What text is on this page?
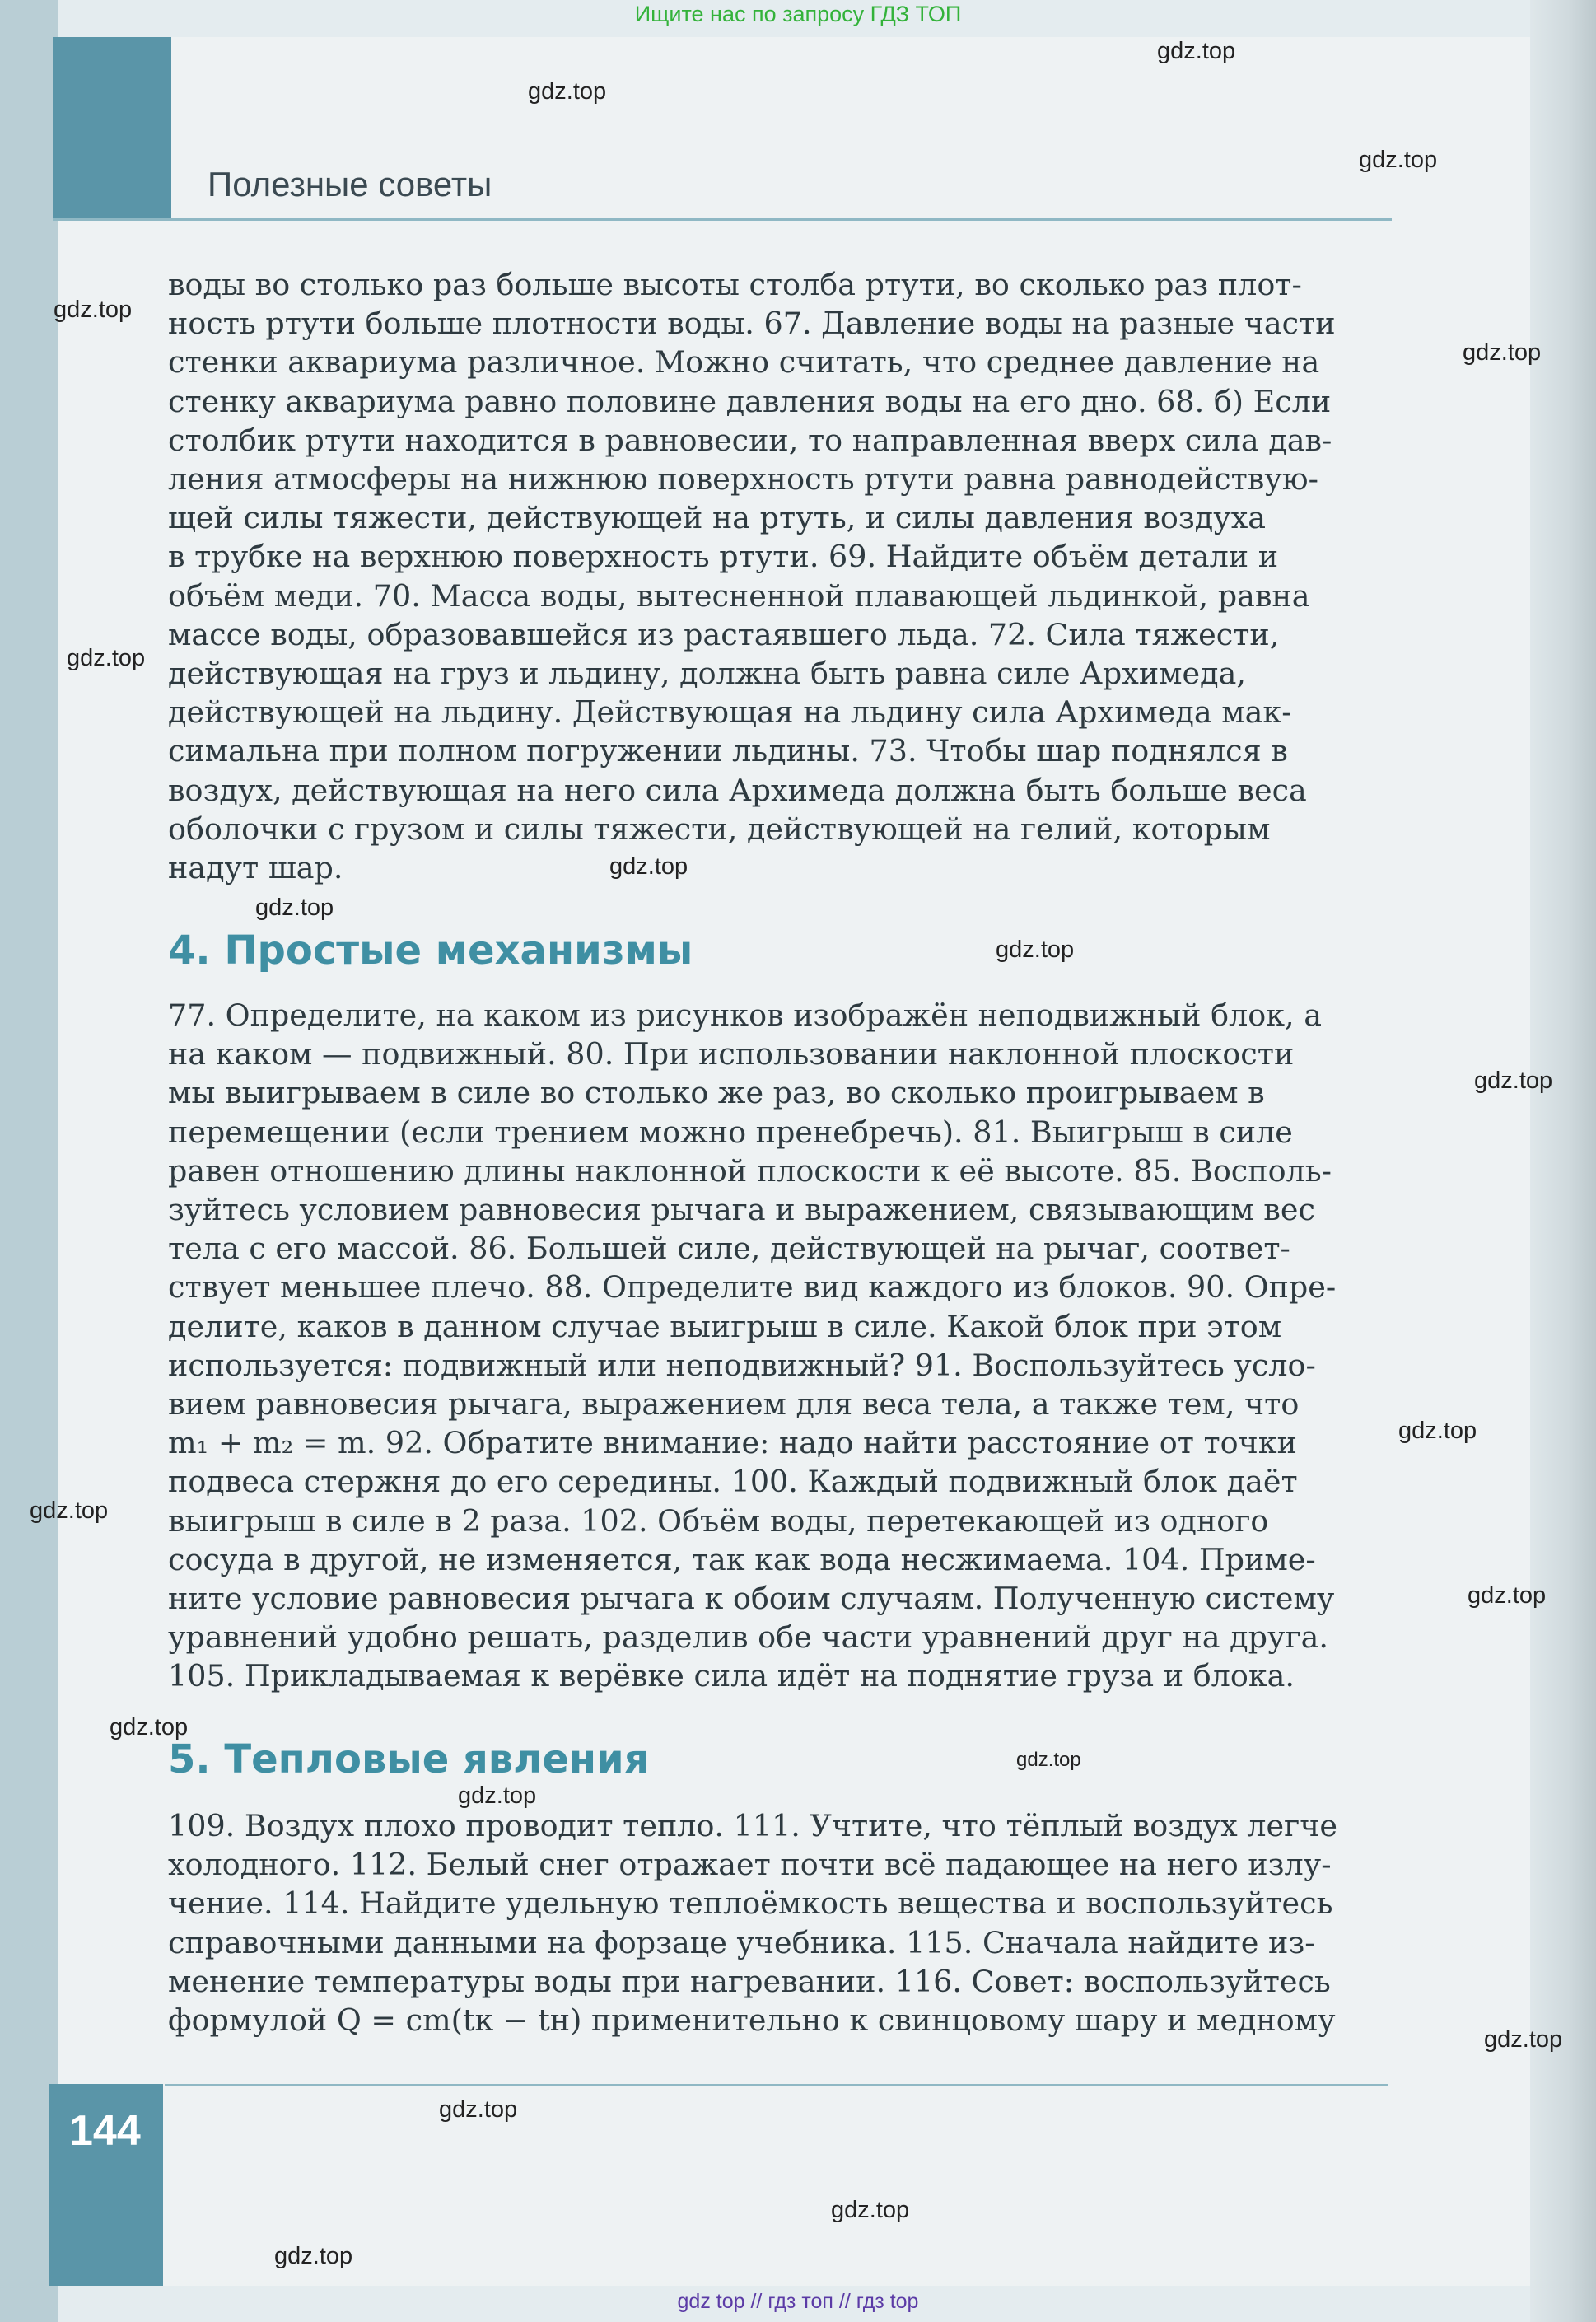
Ищите нас по запросу ГДЗ ТОП
Полезные советы
воды во столько раз больше высоты столба ртути, во сколько раз плот-
ность ртути больше плотности воды. 67. Давление воды на разные части
стенки аквариума различное. Можно считать, что среднее давление на
стенку аквариума равно половине давления воды на его дно. 68. б) Если
столбик ртути находится в равновесии, то направленная вверх сила дав-
ления атмосферы на нижнюю поверхность ртути равна равнодействую-
щей силы тяжести, действующей на ртуть, и силы давления воздуха
в трубке на верхнюю поверхность ртути. 69. Найдите объём детали и
объём меди. 70. Масса воды, вытесненной плавающей льдинкой, равна
массе воды, образовавшейся из растаявшего льда. 72. Сила тяжести,
действующая на груз и льдину, должна быть равна силе Архимеда,
действующей на льдину. Действующая на льдину сила Архимеда мак-
симальна при полном погружении льдины. 73. Чтобы шар поднялся в
воздух, действующая на него сила Архимеда должна быть больше веса
оболочки с грузом и силы тяжести, действующей на гелий, которым
надут шар.
4. Простые механизмы
77. Определите, на каком из рисунков изображён неподвижный блок, а
на каком — подвижный. 80. При использовании наклонной плоскости
мы выигрываем в силе во столько же раз, во сколько проигрываем в
перемещении (если трением можно пренебречь). 81. Выигрыш в силе
равен отношению длины наклонной плоскости к её высоте. 85. Восполь-
зуйтесь условием равновесия рычага и выражением, связывающим вес
тела с его массой. 86. Большей силе, действующей на рычаг, соответ-
ствует меньшее плечо. 88. Определите вид каждого из блоков. 90. Опре-
делите, каков в данном случае выигрыш в силе. Какой блок при этом
используется: подвижный или неподвижный? 91. Воспользуйтесь усло-
вием равновесия рычага, выражением для веса тела, а также тем, что
m₁ + m₂ = m. 92. Обратите внимание: надо найти расстояние от точки
подвеса стержня до его середины. 100. Каждый подвижный блок даёт
выигрыш в силе в 2 раза. 102. Объём воды, перетекающей из одного
сосуда в другой, не изменяется, так как вода несжимаема. 104. Приме-
ните условие равновесия рычага к обоим случаям. Полученную систему
уравнений удобно решать, разделив обе части уравнений друг на друга.
105. Прикладываемая к верёвке сила идёт на поднятие груза и блока.
5. Тепловые явления
109. Воздух плохо проводит тепло. 111. Учтите, что тёплый воздух легче
холодного. 112. Белый снег отражает почти всё падающее на него излу-
чение. 114. Найдите удельную теплоёмкость вещества и воспользуйтесь
справочными данными на форзаце учебника. 115. Сначала найдите из-
менение температуры воды при нагревании. 116. Совет: воспользуйтесь
формулой Q = cm(tк − tн) применительно к свинцовому шару и медному
144
gdz.top
gdz.top
gdz.top
gdz.top
gdz.top
gdz.top
gdz.top
gdz.top
gdz.top
gdz.top
gdz.top
gdz.top
gdz.top
gdz.top
gdz.top
gdz.top
gdz.top
gdz.top
gdz.top
gdz.top
gdz top // гдз топ // гдз top
